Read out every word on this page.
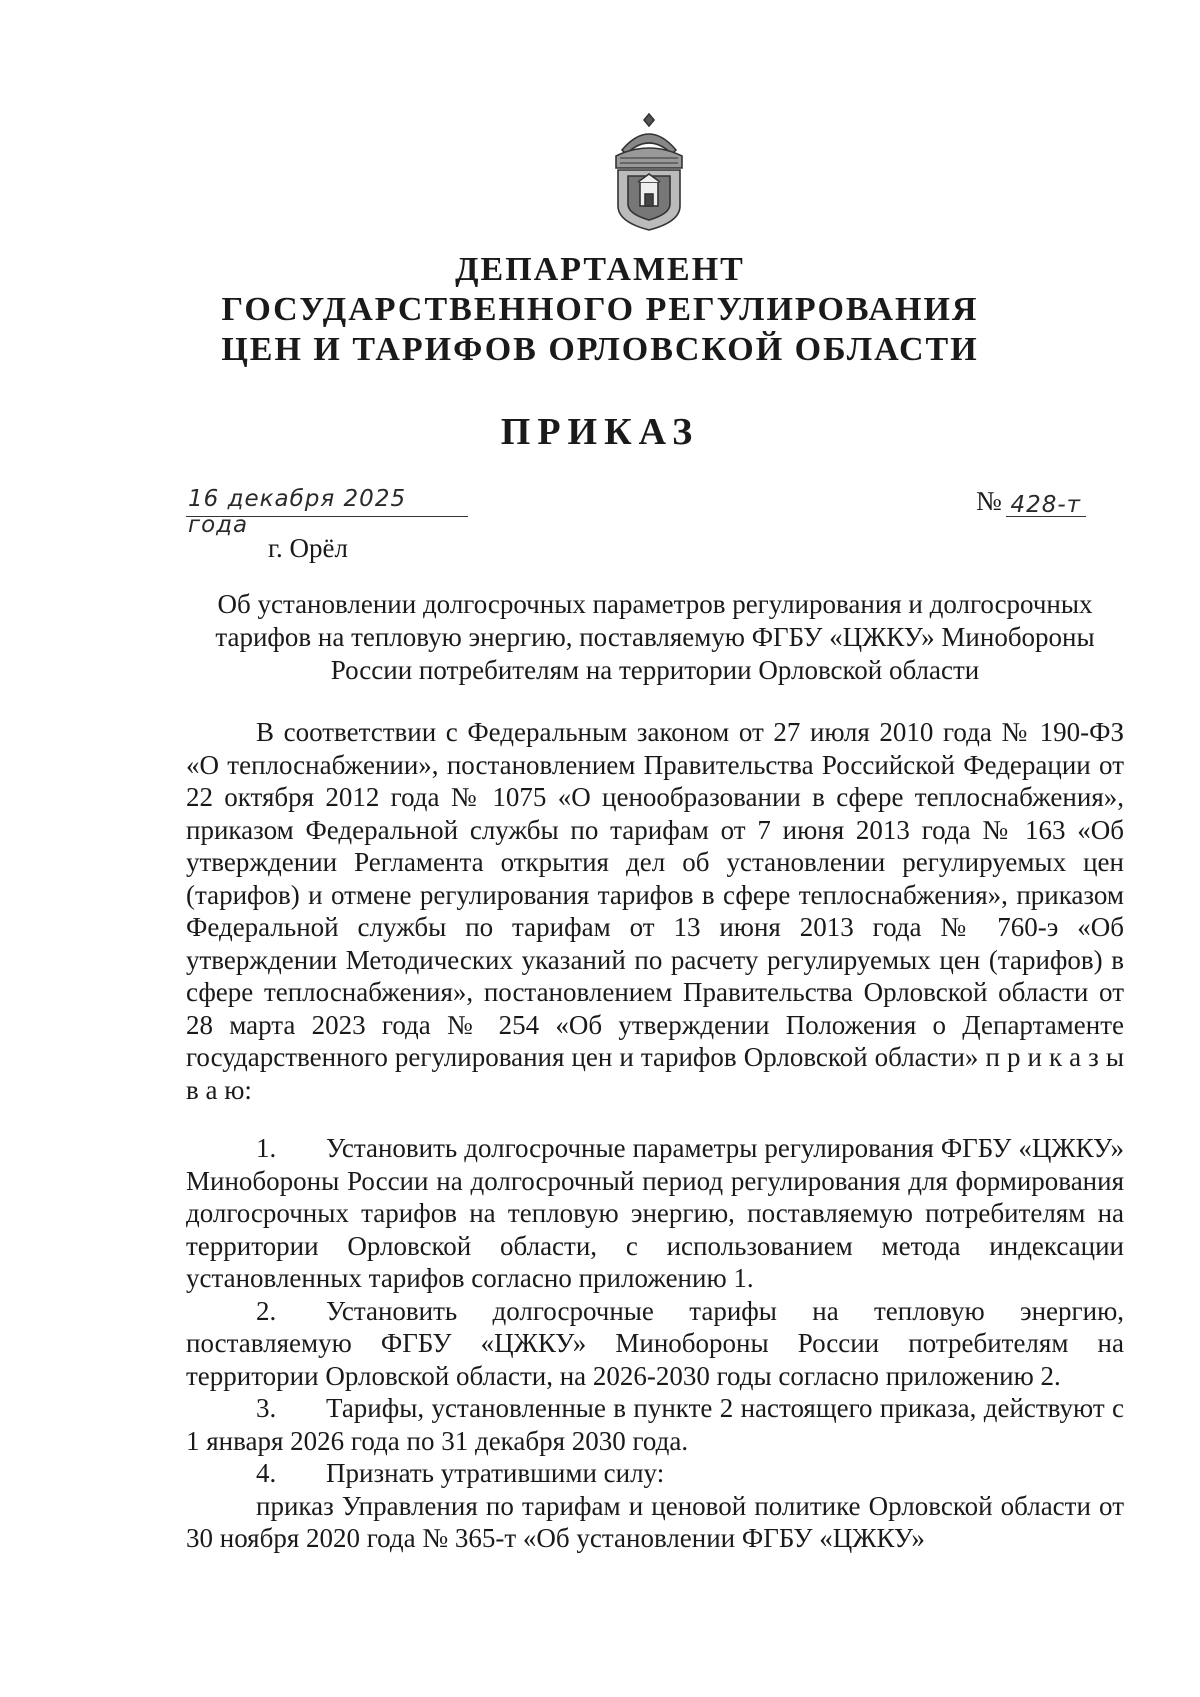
ДЕПАРТАМЕНТ
ГОСУДАРСТВЕННОГО РЕГУЛИРОВАНИЯ
ЦЕН И ТАРИФОВ ОРЛОВСКОЙ ОБЛАСТИ
ПРИКАЗ
16 декабря 2025 года
№ 428-т
г. Орёл
Об установлении долгосрочных параметров регулирования и долгосрочных
тарифов на тепловую энергию, поставляемую ФГБУ «ЦЖКУ» Минобороны
России потребителям на территории Орловской области

В соответствии с Федеральным законом от 27 июля 2010 года № 190-ФЗ «О теплоснабжении», постановлением Правительства Российской Федерации от 22 октября 2012 года № 1075 «О ценообразовании в сфере теплоснабжения», приказом Федеральной службы по тарифам от 7 июня 2013 года № 163 «Об утверждении Регламента открытия дел об установлении регулируемых цен (тарифов) и отмене регулирования тарифов в сфере теплоснабжения», приказом Федеральной службы по тарифам от 13 июня 2013 года № 760-э «Об утверждении Методических указаний по расчету регулируемых цен (тарифов) в сфере теплоснабжения», постановлением Правительства Орловской области от 28 марта 2023 года № 254 «Об утверждении Положения о Департаменте государственного регулирования цен и тарифов Орловской области» п р и к а з ы в а ю:

1. Установить долгосрочные параметры регулирования ФГБУ «ЦЖКУ» Минобороны России на долгосрочный период регулирования для формирования долгосрочных тарифов на тепловую энергию, поставляемую потребителям на территории Орловской области, с использованием метода индексации установленных тарифов согласно приложению 1.

2. Установить долгосрочные тарифы на тепловую энергию, поставляемую ФГБУ «ЦЖКУ» Минобороны России потребителям на территории Орловской области, на 2026-2030 годы согласно приложению 2.

3. Тарифы, установленные в пункте 2 настоящего приказа, действуют с 1 января 2026 года по 31 декабря 2030 года.

4. Признать утратившими силу:

приказ Управления по тарифам и ценовой политике Орловской области от 30 ноября 2020 года № 365-т «Об установлении ФГБУ «ЦЖКУ»
